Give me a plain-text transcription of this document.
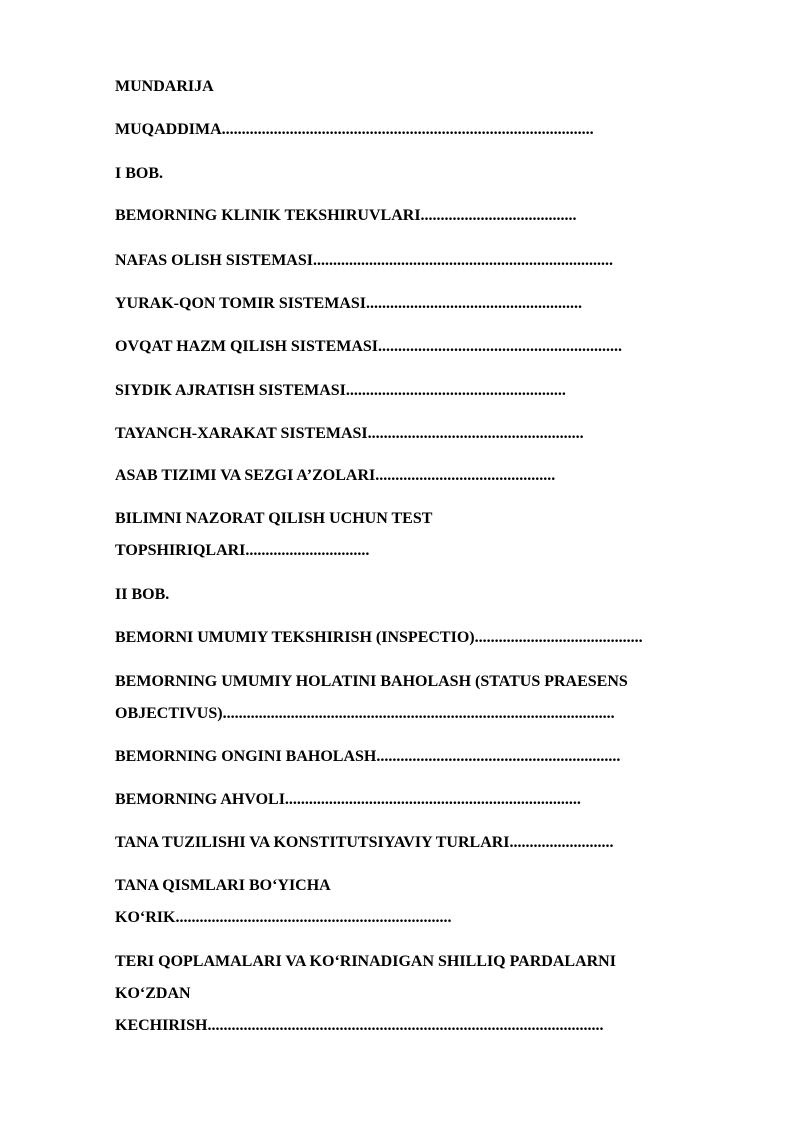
MUNDARIJA

MUQADDIMA.............................................................................................

I BOB.

BEMORNING KLINIK TEKSHIRUVLARI.......................................

NAFAS OLISH SISTEMASI...........................................................................

YURAK-QON TOMIR SISTEMASI......................................................

OVQAT HAZM QILISH SISTEMASI.............................................................

SIYDIK AJRATISH SISTEMASI.......................................................

TAYANCH-XARAKAT SISTEMASI......................................................

ASAB TIZIMI VA SEZGI A’ZOLARI.............................................

BILIMNI NAZORAT QILISH UCHUN TEST

TOPSHIRIQLARI...............................

II BOB.

BEMORNI UMUMIY TEKSHIRISH (INSPECTIO)..........................................

BEMORNING UMUMIY HOLATINI BAHOLASH (STATUS PRAESENS

OBJECTIVUS)..................................................................................................

BEMORNING ONGINI BAHOLASH.............................................................

BEMORNING AHVOLI..........................................................................

TANA TUZILISHI VA KONSTITUTSIYAVIY TURLARI..........................

TANA QISMLARI BO‘YICHA

KO‘RIK.....................................................................

TERI QOPLAMALARI VA KO‘RINADIGAN SHILLIQ PARDALARNI

KO‘ZDAN

KECHIRISH...................................................................................................
